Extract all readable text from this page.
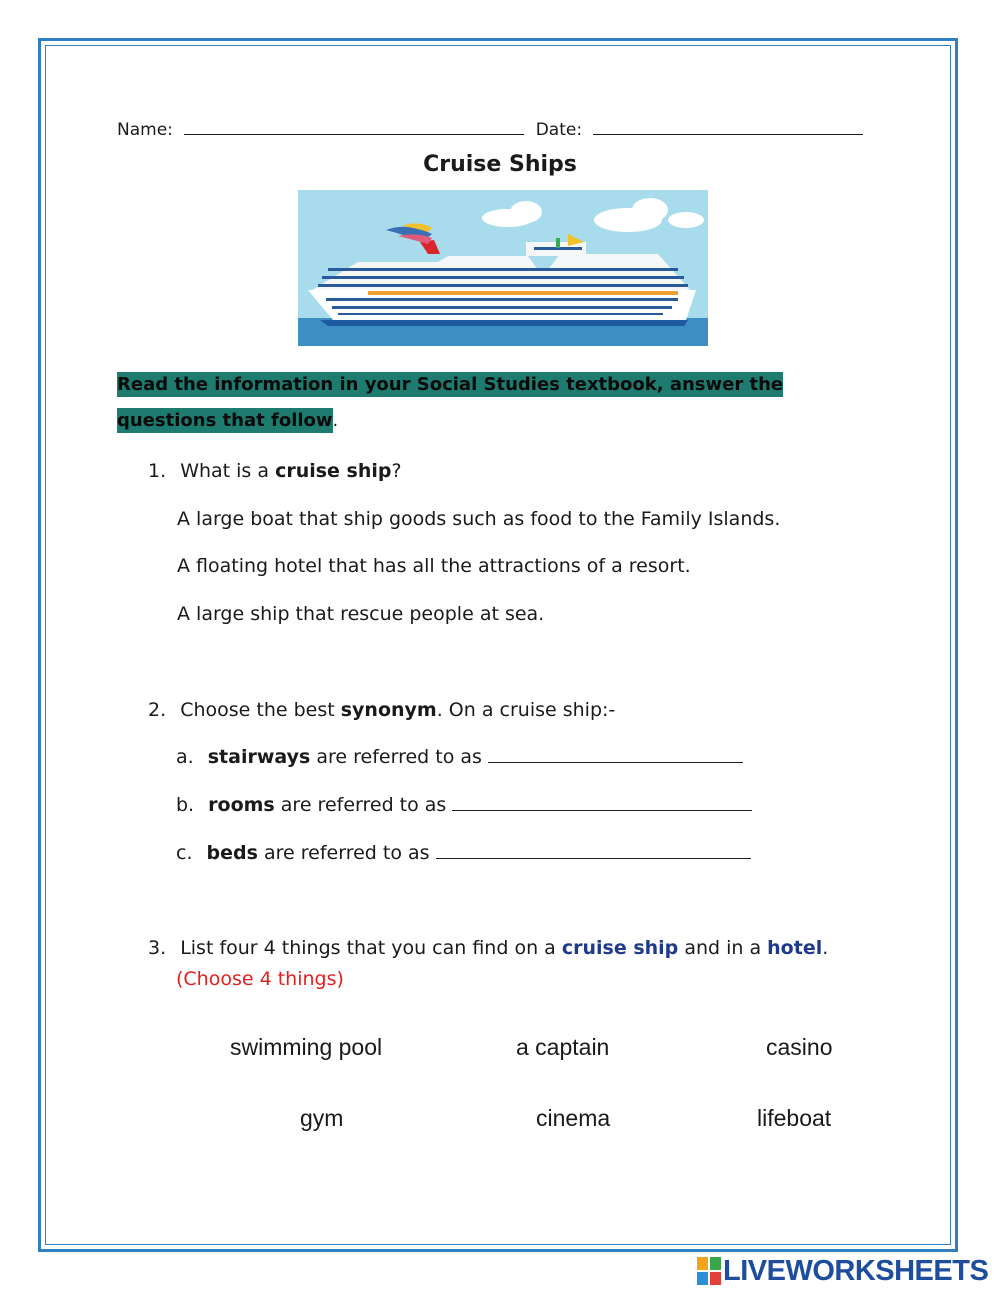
Name:	Date:
Cruise Ships
Read the information in your Social Studies textbook, answer the
questions that follow.
1. What is a cruise ship?
A large boat that ship goods such as food to the Family Islands.
A floating hotel that has all the attractions of a resort.
A large ship that rescue people at sea.
2. Choose the best synonym. On a cruise ship:-
a. stairways are referred to as
b. rooms are referred to as
c. beds are referred to as
3. List four 4 things that you can find on a cruise ship and in a hotel.
(Choose 4 things)
swimming pool	a captain	casino
gym	cinema	lifeboat
LIVEWORKSHEETS
